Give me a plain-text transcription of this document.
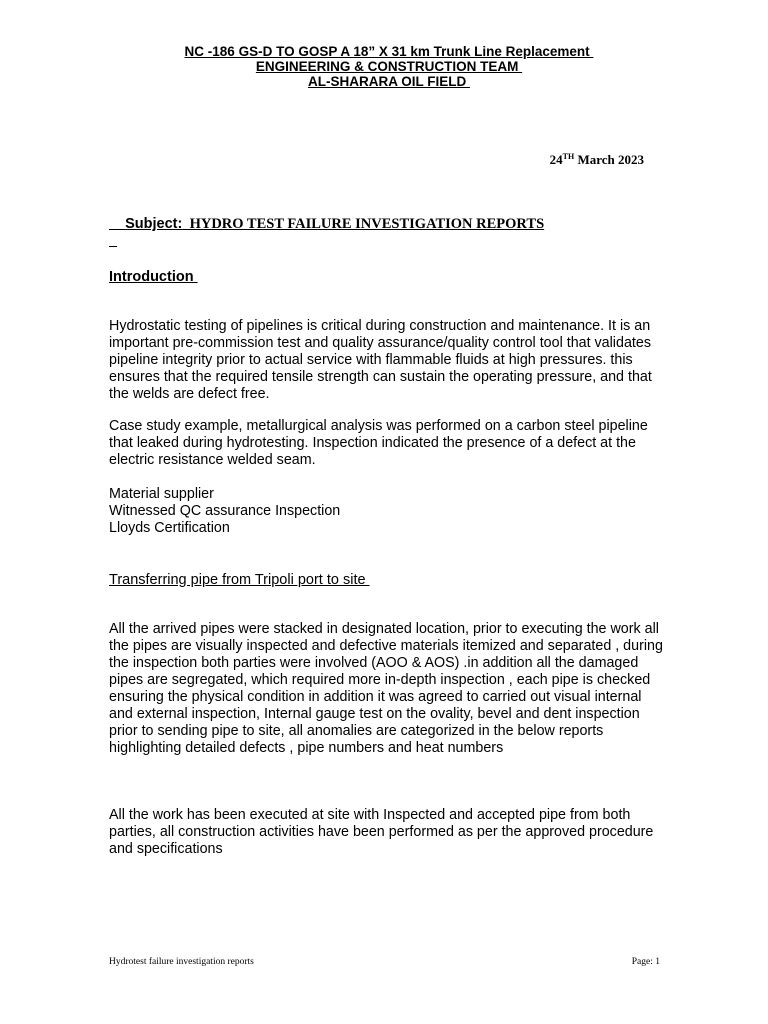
NC -186 GS-D TO GOSP A 18” X 31 km Trunk Line Replacement
ENGINEERING & CONSTRUCTION TEAM
AL-SHARARA OIL FIELD
24TH March 2023

Subject:  HYDRO TEST FAILURE INVESTIGATION REPORTS

Introduction

Hydrostatic testing of pipelines is critical during construction and maintenance. It is an important pre-commission test and quality assurance/quality control tool that validates pipeline integrity prior to actual service with flammable fluids at high pressures. this ensures that the required tensile strength can sustain the operating pressure, and that the welds are defect free.

Case study example, metallurgical analysis was performed on a carbon steel pipeline that leaked during hydrotesting. Inspection indicated the presence of a defect at the electric resistance welded seam.

Material supplier
Witnessed QC assurance Inspection
Lloyds Certification
Transferring pipe from Tripoli port to site

All the arrived pipes were stacked in designated location, prior to executing the work all the pipes are visually inspected and defective materials itemized and separated , during the inspection both parties were involved (AOO & AOS) .in addition all the damaged pipes are segregated, which required more in-depth inspection , each pipe is checked ensuring the physical condition in addition it was agreed to carried out visual internal and external inspection, Internal gauge test on the ovality, bevel and dent inspection prior to sending pipe to site, all anomalies are categorized in the below reports highlighting detailed defects , pipe numbers and heat numbers

All the work has been executed at site with Inspected and accepted pipe from both parties, all construction activities have been performed as per the approved procedure and specifications

Hydrotest failure investigation reports	Page: 1
